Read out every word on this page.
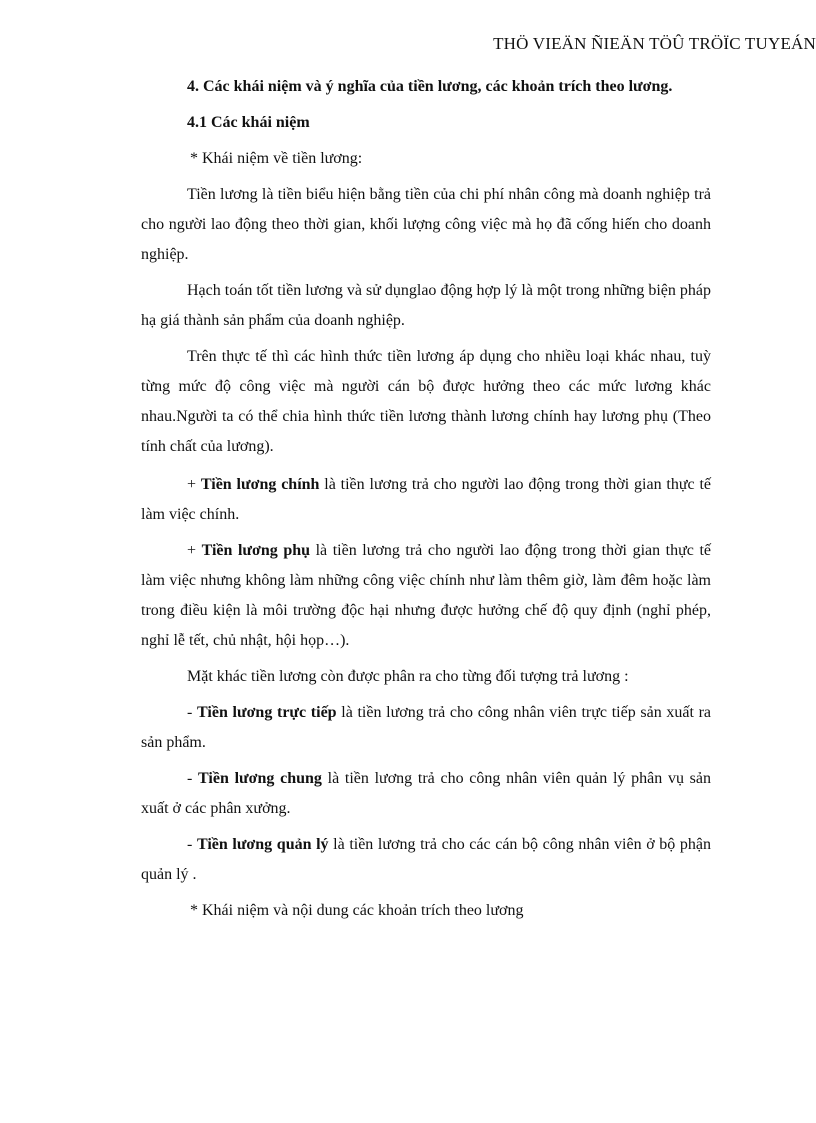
THÖ VIEÄN ÑIEÄN TÖÛ TRÖÏC TUYEÁN

4. Các khái niệm và ý nghĩa của tiền lương, các khoản trích theo lương.

4.1 Các khái niệm

* Khái niệm về tiền lương:

Tiền lương là tiền biểu hiện bằng tiền của chi phí nhân công mà doanh nghiệp trả cho người lao động theo thời gian, khối lượng công việc mà họ đã cống hiến cho doanh nghiệp.

Hạch toán tốt tiền lương và sử dụnglao động hợp lý là một trong những biện pháp hạ giá thành sản phẩm của doanh nghiệp.

Trên thực tế thì các hình thức tiền lương áp dụng cho nhiều loại khác nhau, tuỳ từng mức độ công việc mà người cán bộ được hưởng theo các mức lương khác nhau.Người ta có thể chia hình thức tiền lương thành lương chính hay lương phụ (Theo tính chất của lương).

+ Tiền lương chính là tiền lương trả cho người lao động trong thời gian thực tế làm việc chính.

+ Tiền lương phụ là tiền lương trả cho người lao động trong thời gian thực tế làm việc nhưng không làm những công việc chính như làm thêm giờ, làm đêm hoặc làm trong điều kiện là môi trường độc hại nhưng được hưởng chế độ quy định (nghỉ phép, nghỉ lễ tết, chủ nhật, hội họp…).

Mặt khác tiền lương còn được phân ra cho từng đối tượng trả lương :

- Tiền lương trực tiếp là tiền lương trả cho công nhân viên trực tiếp sản xuất ra sản phẩm.

- Tiền lương chung là tiền lương trả cho công nhân viên quản lý phân vụ sản xuất ở các phân xưởng.

- Tiền lương quản lý là tiền lương trả cho các cán bộ công nhân viên ở bộ phận quản lý .

* Khái niệm và nội dung các khoản trích theo lương
